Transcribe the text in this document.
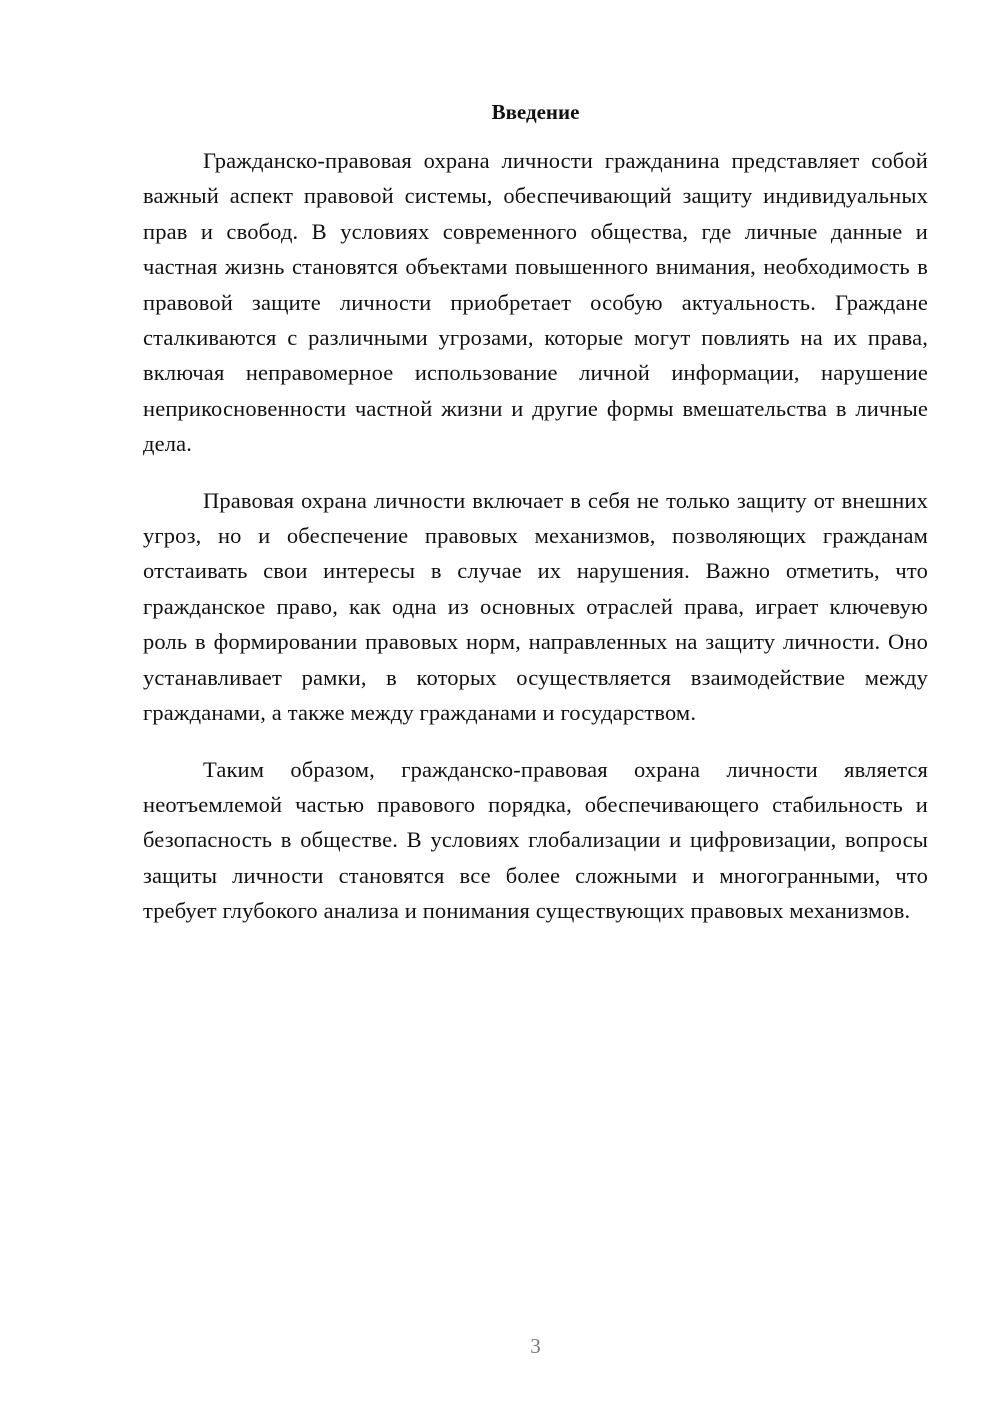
Введение

Гражданско-правовая охрана личности гражданина представляет собой важный аспект правовой системы, обеспечивающий защиту индивидуальных прав и свобод. В условиях современного общества, где личные данные и частная жизнь становятся объектами повышенного внимания, необходимость в правовой защите личности приобретает особую актуальность. Граждане сталкиваются с различными угрозами, которые могут повлиять на их права, включая неправомерное использование личной информации, нарушение неприкосновенности частной жизни и другие формы вмешательства в личные дела.

Правовая охрана личности включает в себя не только защиту от внешних угроз, но и обеспечение правовых механизмов, позволяющих гражданам отстаивать свои интересы в случае их нарушения. Важно отметить, что гражданское право, как одна из основных отраслей права, играет ключевую роль в формировании правовых норм, направленных на защиту личности. Оно устанавливает рамки, в которых осуществляется взаимодействие между гражданами, а также между гражданами и государством.

Таким образом, гражданско-правовая охрана личности является неотъемлемой частью правового порядка, обеспечивающего стабильность и безопасность в обществе. В условиях глобализации и цифровизации, вопросы защиты личности становятся все более сложными и многогранными, что требует глубокого анализа и понимания существующих правовых механизмов.

3
